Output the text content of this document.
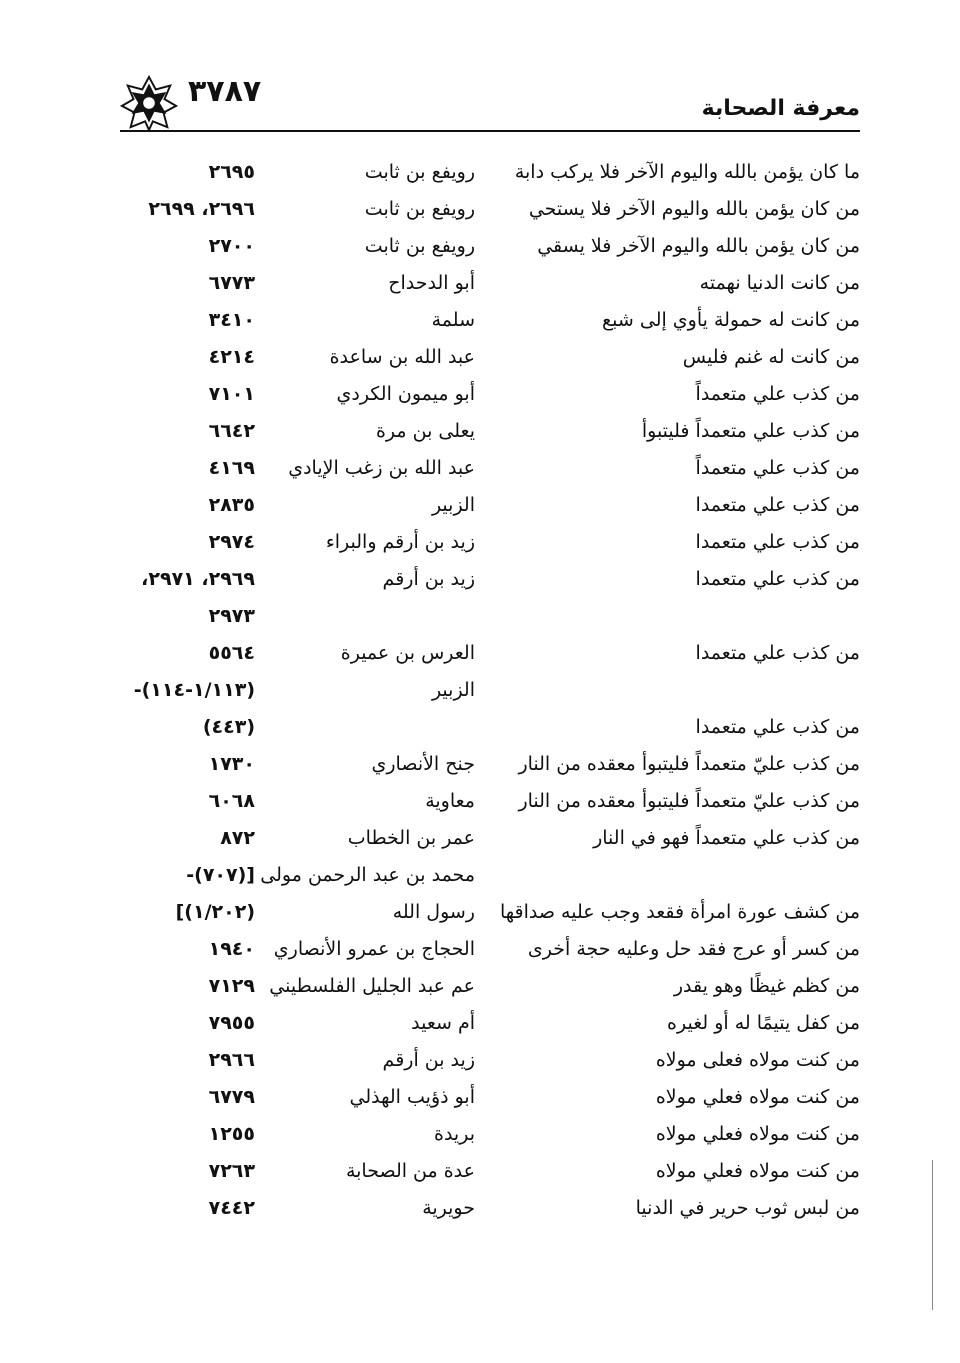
٣٧٨٧	معرفة الصحابة
ما كان يؤمن بالله واليوم الآخر فلا يركب دابة
رويفع بن ثابت
٢٦٩٥
من كان يؤمن بالله واليوم الآخر فلا يستحي
رويفع بن ثابت
٢٦٩٦، ٢٦٩٩
من كان يؤمن بالله واليوم الآخر فلا يسقي
رويفع بن ثابت
٢٧٠٠
من كانت الدنيا نهمته
أبو الدحداح
٦٧٧٣
من كانت له حمولة يأوي إلى شبع
سلمة
٣٤١٠
من كانت له غنم فليس
عبد الله بن ساعدة
٤٢١٤
من كذب علي متعمداً
أبو ميمون الكردي
٧١٠١
من كذب علي متعمداً فليتبوأ
يعلى بن مرة
٦٦٤٢
من كذب علي متعمداً
عبد الله بن زغب الإيادي
٤١٦٩
من كذب علي متعمدا
الزبير
٢٨٣٥
من كذب علي متعمدا
زيد بن أرقم والبراء
٢٩٧٤
من كذب علي متعمدا
زيد بن أرقم
٢٩٦٩، ٢٩٧١،
٢٩٧٣
من كذب علي متعمدا
العرس بن عميرة
٥٥٦٤
من كذب علي متعمدا
الزبير
(١/١١٣-١١٤)-
(٤٤٣)
من كذب عليّ متعمداً فليتبوأ معقده من النار
جنح الأنصاري
١٧٣٠
من كذب عليّ متعمداً فليتبوأ معقده من النار
معاوية
٦٠٦٨
من كذب علي متعمداً فهو في النار
عمر بن الخطاب
٨٧٢
من كشف عورة امرأة فقعد وجب عليه صداقها
محمد بن عبد الرحمن مولى
رسول الله
[(٧٠٧)-
(١/٢٠٢)]
من كسر أو عرج فقد حل وعليه حجة أخرى
الحجاج بن عمرو الأنصاري
١٩٤٠
من كظم غيظًا وهو يقدر
عم عبد الجليل الفلسطيني
٧١٢٩
من كفل يتيمًا له أو لغيره
أم سعيد
٧٩٥٥
من كنت مولاه فعلى مولاه
زيد بن أرقم
٢٩٦٦
من كنت مولاه فعلي مولاه
أبو ذؤيب الهذلي
٦٧٧٩
من كنت مولاه فعلي مولاه
بريدة
١٢٥٥
من كنت مولاه فعلي مولاه
عدة من الصحابة
٧٢٦٣
من لبس ثوب حرير في الدنيا
حويرية
٧٤٤٢
